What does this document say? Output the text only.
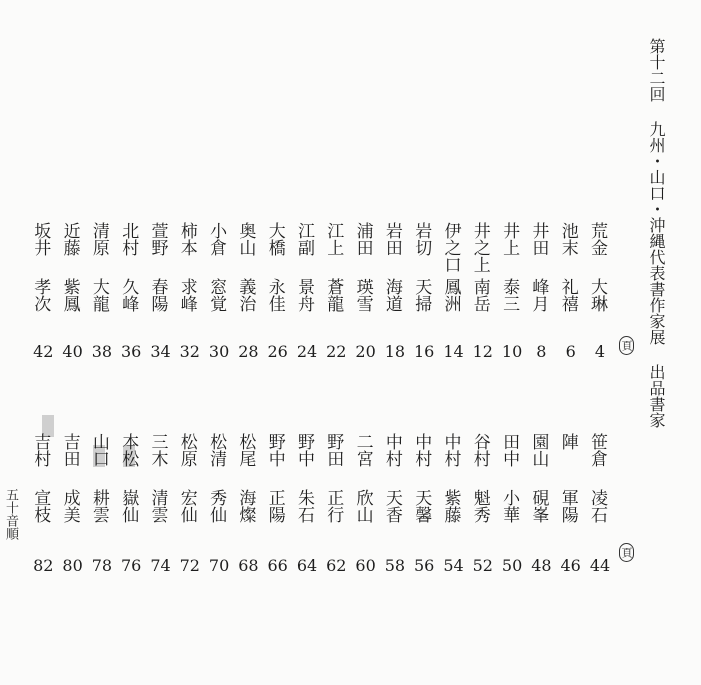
第十二回 九州・山口・沖縄代表書作家展 出品書家
頁
頁
五十音順
荒金
大琳
4
池末
礼禧
6
井田
峰月
8
井上
泰三
10
井之上
南岳
12
伊之口
鳳洲
14
岩切
天掃
16
岩田
海道
18
浦田
瑛雪
20
江上
蒼龍
22
江副
景舟
24
大橋
永佳
26
奥山
義治
28
小倉
窓覚
30
柿本
求峰
32
萱野
春陽
34
北村
久峰
36
清原
大龍
38
近藤
紫鳳
40
坂井
孝次
42
笹倉
凌石
44
陣
軍陽
46
園山
硯峯
48
田中
小華
50
谷村
魁秀
52
中村
紫藤
54
中村
天馨
56
中村
天香
58
二宮
欣山
60
野田
正行
62
野中
朱石
64
野中
正陽
66
松尾
海燦
68
松清
秀仙
70
松原
宏仙
72
三木
清雲
74
本松
嶽仙
76
山口
耕雲
78
吉田
成美
80
吉村
宣枝
82
